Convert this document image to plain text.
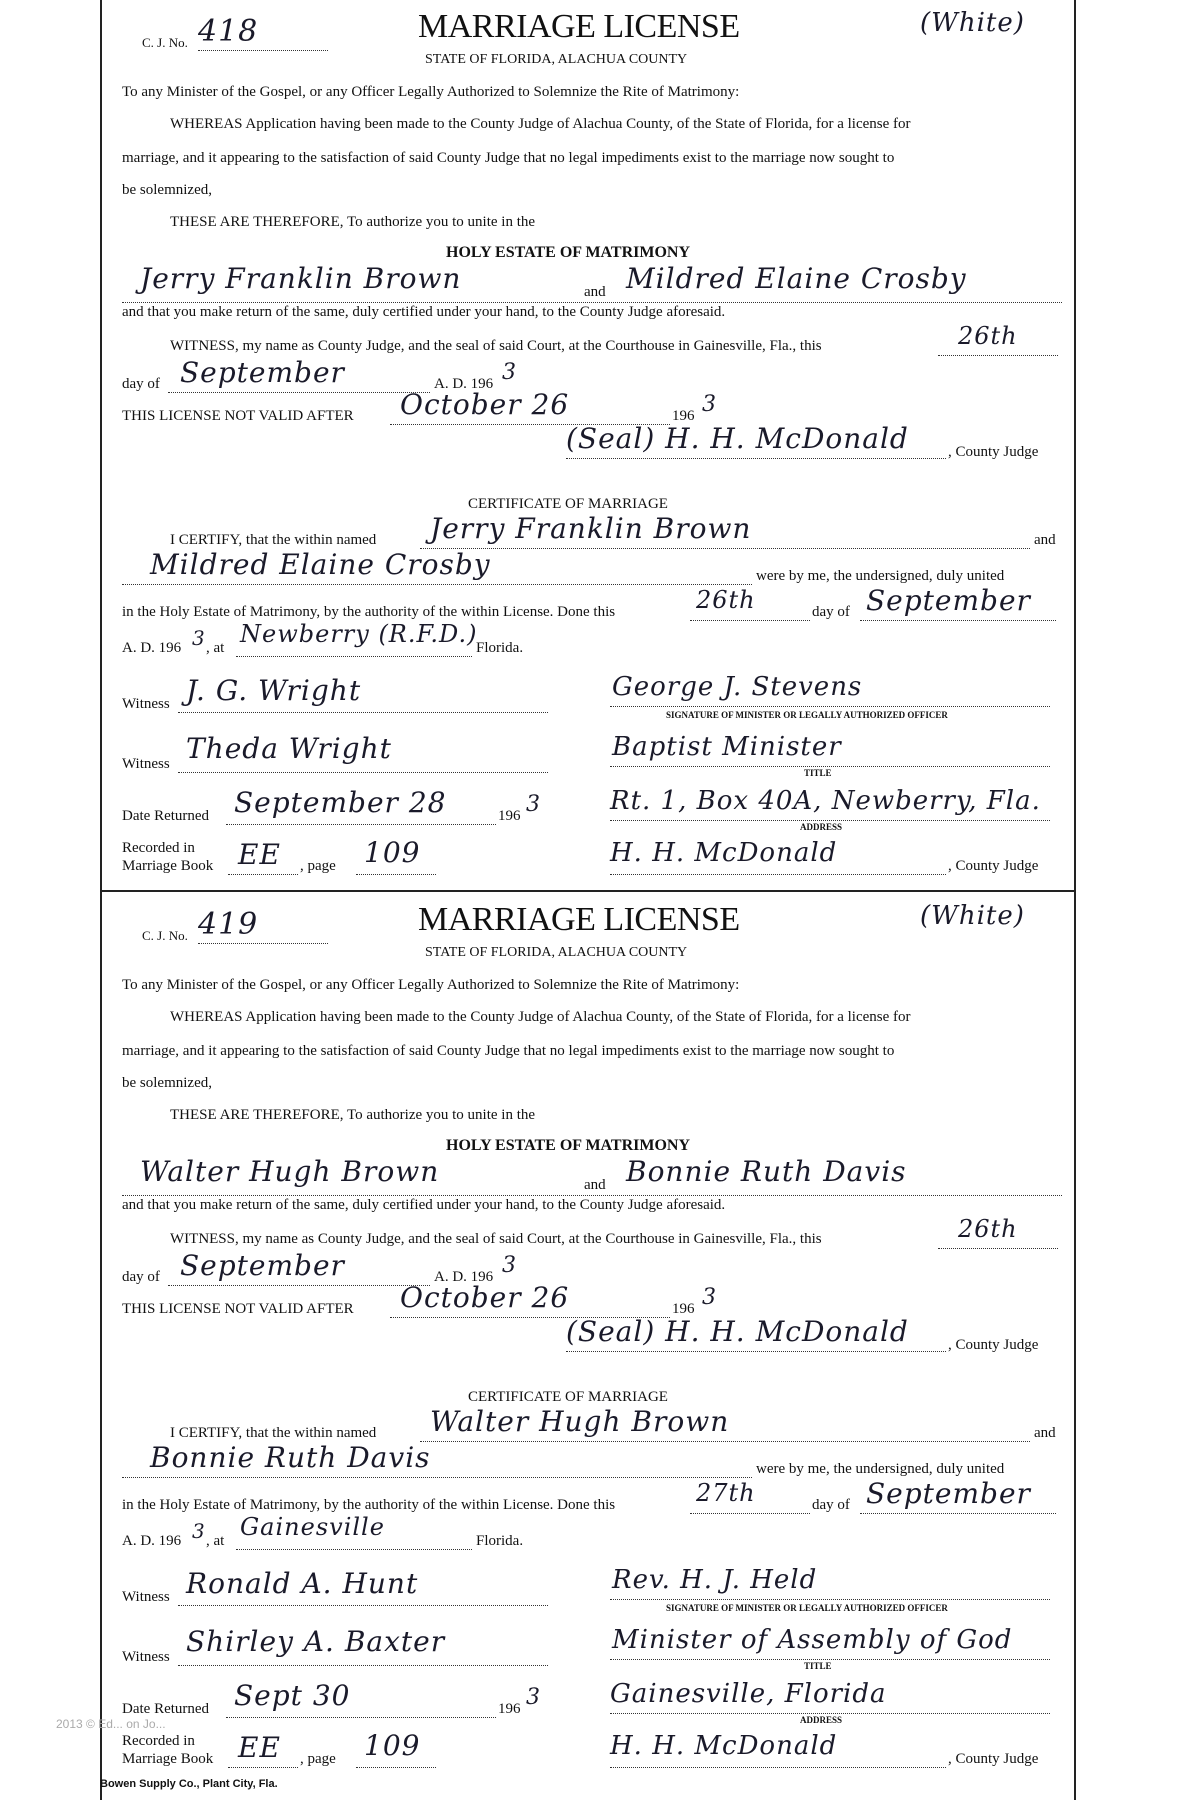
C. J. No. 418	MARRIAGE LICENSE	(White)
STATE OF FLORIDA, ALACHUA COUNTY
To any Minister of the Gospel, or any Officer Legally Authorized to Solemnize the Rite of Matrimony:
WHEREAS Application having been made to the County Judge of Alachua County, of the State of Florida, for a license for
marriage, and it appearing to the satisfaction of said County Judge that no legal impediments exist to the marriage now sought to
be solemnized,
THESE ARE THEREFORE, To authorize you to unite in the
HOLY ESTATE OF MATRIMONY
Jerry Franklin Brown	and Mildred Elaine Crosby
and that you make return of the same, duly certified under your hand, to the County Judge aforesaid.
WITNESS, my name as County Judge, and the seal of said Court, at the Courthouse in Gainesville, Fla., this	26th
day of September	A. D. 196 3
THIS LICENSE NOT VALID AFTER October 26	196 3
(Seal) H. H. McDonald	, County Judge
CERTIFICATE OF MARRIAGE
I CERTIFY, that the within named Jerry Franklin Brown	and
Mildred Elaine Crosby	were by me, the undersigned, duly united
in the Holy Estate of Matrimony, by the authority of the within License. Done this	26th	day of September
A. D. 196 3 , at Newberry (R.F.D.)
Florida.
Witness J. G. Wright	George J. Stevens
SIGNATURE OF MINISTER OR LEGALLY AUTHORIZED OFFICER
Witness Theda Wright	Baptist Minister
TITLE
Date Returned September 28	196 3	Rt. 1, Box 40A, Newberry, Fla.
ADDRESS
Recorded in
Marriage Book EE , page 109	H. H. McDonald	, County Judge
C. J. No. 419	MARRIAGE LICENSE	(White)
STATE OF FLORIDA, ALACHUA COUNTY
To any Minister of the Gospel, or any Officer Legally Authorized to Solemnize the Rite of Matrimony:
WHEREAS Application having been made to the County Judge of Alachua County, of the State of Florida, for a license for
marriage, and it appearing to the satisfaction of said County Judge that no legal impediments exist to the marriage now sought to
be solemnized,
THESE ARE THEREFORE, To authorize you to unite in the
HOLY ESTATE OF MATRIMONY
Walter Hugh Brown	and Bonnie Ruth Davis
and that you make return of the same, duly certified under your hand, to the County Judge aforesaid.
WITNESS, my name as County Judge, and the seal of said Court, at the Courthouse in Gainesville, Fla., this	26th
day of September	A. D. 196 3
THIS LICENSE NOT VALID AFTER October 26	196 3
(Seal) H. H. McDonald	, County Judge
CERTIFICATE OF MARRIAGE
I CERTIFY, that the within named Walter Hugh Brown	and
Bonnie Ruth Davis	were by me, the undersigned, duly united
in the Holy Estate of Matrimony, by the authority of the within License. Done this	27th	day of September
A. D. 196 3 , at Gainesville	Florida.
Witness Ronald A. Hunt	Rev. H. J. Held
SIGNATURE OF MINISTER OR LEGALLY AUTHORIZED OFFICER
Witness Shirley A. Baxter	Minister of Assembly of God
TITLE
Date Returned Sept 30	196 3	Gainesville, Florida
ADDRESS
Recorded in
Marriage Book EE , page 109	H. H. McDonald	, County Judge
2013 © Ed... on Jo...
Bowen Supply Co., Plant City, Fla.
